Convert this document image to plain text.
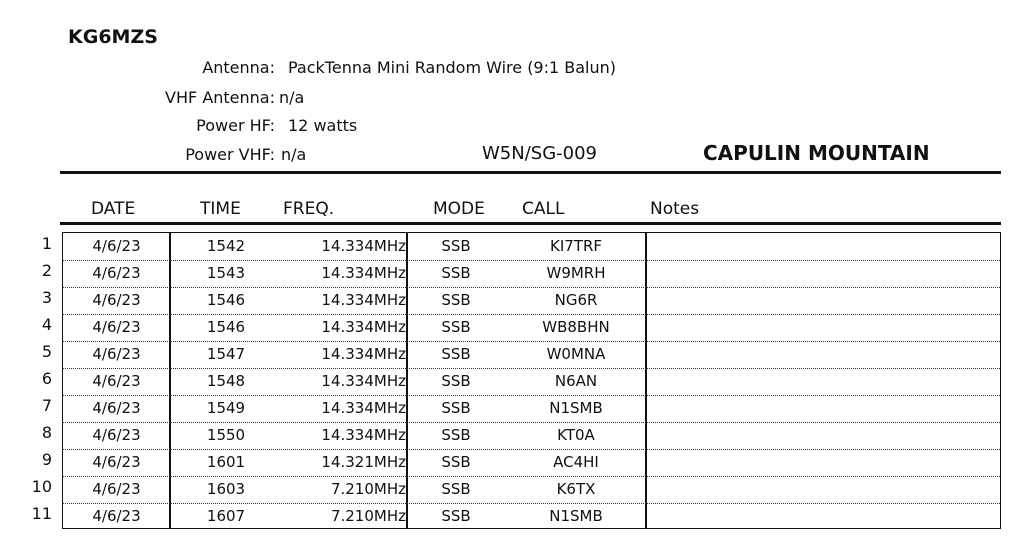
KG6MZS
Antenna: PackTenna Mini Random Wire (9:1 Balun)
VHF Antenna: n/a
Power HF: 12 watts
Power VHF: n/a	W5N/SG-009	CAPULIN MOUNTAIN
DATE	TIME FREQ.	MODE CALL	Notes
1
2
3
4
5
6
7
8
9
10
11
4/6/23	1542	14.334MHz	SSB	KI7TRF
4/6/23	1543	14.334MHz	SSB	W9MRH
4/6/23	1546	14.334MHz	SSB	NG6R
4/6/23	1546	14.334MHz	SSB	WB8BHN
4/6/23	1547	14.334MHz	SSB	W0MNA
4/6/23	1548	14.334MHz	SSB	N6AN
4/6/23	1549	14.334MHz	SSB	N1SMB
4/6/23	1550	14.334MHz	SSB	KT0A
4/6/23	1601	14.321MHz	SSB	AC4HI
4/6/23	1603	7.210MHz	SSB	K6TX
4/6/23	1607	7.210MHz	SSB	N1SMB
